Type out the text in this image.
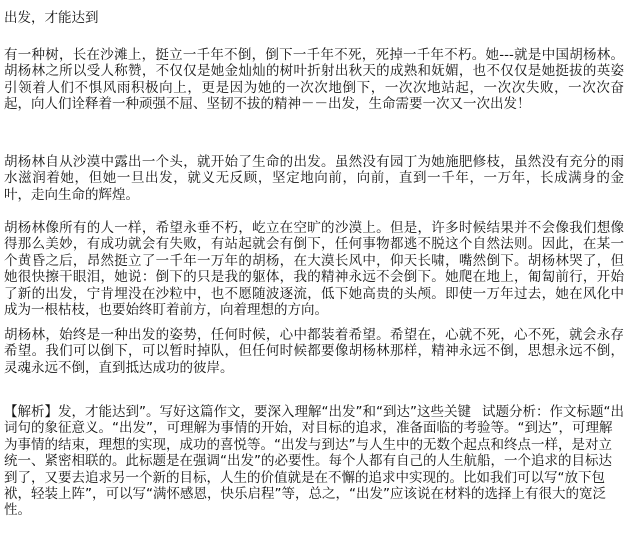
出发，才能达到

有一种树，长在沙滩上，挺立一千年不倒，倒下一千年不死，死掉一千年不朽。她---就是中国胡杨林。胡杨林之所以受人称赞，不仅仅是她金灿灿的树叶折射出秋天的成熟和妩媚，也不仅仅是她挺拔的英姿引领着人们不惧风雨积极向上，更是因为她的一次次地倒下，一次次地站起，一次次失败，一次次奋起，向人们诠释着一种顽强不屈、坚韧不拔的精神－－出发，生命需要一次又一次出发！

胡杨林自从沙漠中露出一个头，就开始了生命的出发。虽然没有园丁为她施肥修枝，虽然没有充分的雨水滋润着她，但她一旦出发，就义无反顾，坚定地向前，向前，直到一千年，一万年，长成满身的金叶，走向生命的辉煌。

胡杨林像所有的人一样，希望永垂不朽，屹立在空旷的沙漠上。但是，许多时候结果并不会像我们想像得那么美妙，有成功就会有失败，有站起就会有倒下，任何事物都逃不脱这个自然法则。因此，在某一个黄昏之后，昂然挺立了一千年一万年的胡杨，在大漠长风中，仰天长啸，嘴然倒下。胡杨林哭了，但她很快擦干眼泪，她说：倒下的只是我的躯体，我的精神永远不会倒下。她爬在地上，匍匐前行，开始了新的出发，宁肯埋没在沙粒中，也不愿随波逐流，低下她高贵的头颅。即使一万年过去，她在风化中成为一根枯枝，也要始终盯着前方，向着理想的方向。

胡杨林，始终是一种出发的姿势，任何时候，心中都装着希望。希望在，心就不死，心不死，就会永存希望。我们可以倒下，可以暂时掉队，但任何时候都要像胡杨林那样，精神永远不倒，思想永远不倒，灵魂永远不倒，直到抵达成功的彼岸。

【解析】	试题分析：作文标题“出
发，才能达到”。写好这篇作文，要深入理解“出发”和“到达”这些关键词句的象征意义。“出发”，可理解为事情的开始，对目标的追求，准备面临的考验等。“到达”，可理解为事情的结束，理想的实现，成功的喜悦等。“出发与到达”与人生中的无数个起点和终点一样，是对立统一、紧密相联的。此标题是在强调“出发”的必要性。每个人都有自己的人生航船，一个追求的目标达到了，又要去追求另一个新的目标，人生的价值就是在不懈的追求中实现的。比如我们可以写“放下包袱，轻装上阵”，可以写“满怀感恩，快乐启程”等，总之，“出发”应该说在材料的选择上有很大的宽泛性。
